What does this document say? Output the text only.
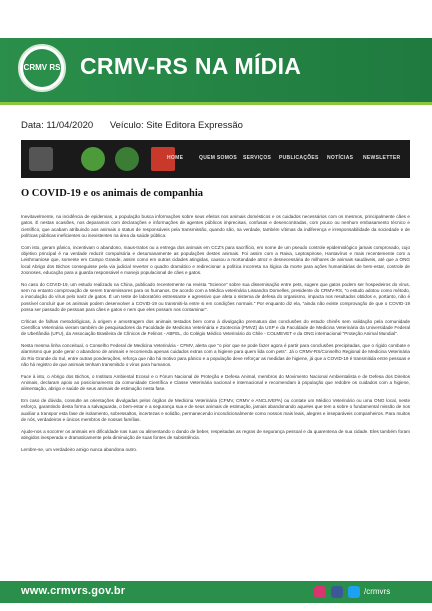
CRMV RS CRMV-RS NA MÍDIA
Data: 11/04/2020 Veículo: Site Editora Expressão
HOME	QUEM SOMOS SERVIÇOS PUBLICAÇÕES NOTÍCIAS NEWSLETTER
O COVID-19 e os animais de companhia

Inevitavelmente, na incidência de epidemias, a população busca informações sobre seus efeitos nos animais domésticos e os cuidados necessários com os mesmos, principalmente cães e gatos. É nestas ocasiões, nos deparamos com declarações e informações de agentes públicos imprecisas, confusas e desencontradas, com pouco ou nenhum embasamento técnico e científico, que acabam atribuindo aos animais o status de responsáveis pela transmissão, quando são, na verdade, também vítimas da indiferença e irresponsabilidade da sociedade e de políticas públicas ineficientes ou inexistentes na área da saúde pública.

Com isto, geram pânico, incentivam o abandono, maus-tratos ou a entrega dos animais em CCZ's para sacrifício, em nome de um pseudo controle epidemiológico jamais comprovado, cujo objetivo principal é na verdade reduzir compulsória e desumanamente as populações destes animais. Foi assim com a Raiva, Leptospirose, Hantavírus e mais recentemente com a Leishmaniose que, somente em Campo Grande, assim como em outras cidades atingidas, causou a mortandade atroz e desnecessária de milhares de animais saudáveis, até que a ONG local Abrigo dos Bichos conseguisse pela via judicial reverter o quadro dramático e redirecionar a política incorreta na lógica da morte para ações humanitárias de bem-estar, controle de zoonoses, educação para a guarda responsável e manejo populacional de cães e gatos.

No caso do COVID-19, um estudo realizado na China, publicado recentemente na revista "Science" sobre sua disseminação entre pets, sugere que gatos podem ser hospedeiros do vírus, sem no entanto comprovação de serem transmissores para os humanos. De acordo com a Médica veterinária Lissandra Dornelles, presidente do CRMV-RS, "o estudo adotou como método, a inoculação do vírus pelo nariz de gatos. É um teste de laboratório estressante e agressivo que afeta o sistema de defesa do organismo, impacta nos resultados obtidos e, portanto, não é possível concluir que os animais podem desenvolver a COVID-19 ou transmiti-la entre si em condições normais." Por enquanto diz ela, "ainda não existe comprovação de que o COVID-19 possa ser passado de pessoas para cães e gatos e nem que eles possam nos contaminar".

Críticas de falhas metodológicas, à origem e amostragem dos animais testados bem como à divulgação prematura das conclusões do estudo chinês sem validação pela comunidade Científica Veterinária vieram também de pesquisadores da Faculdade de Medicina Veterinária e Zootecnia (FMVZ) da USP e da Faculdade de Medicina Veterinária da Universidade Federal de Uberlândia (UFU), da Associação Brasileira de Clínicos de Felinos - ABFEL, do Colégio Médico Veterinário do Chile - COLMEVET e da ONG internacional "Proteção Animal Mundial".

Nesta mesma linha conceitual, o Conselho Federal de Medicina Veterinária - CFMV, alerta que "o pior que se pode fazer agora é partir para conclusões precipitadas, que o rígido combate e alarmismo que pode gerar o abandono de animais e recomenda apenas cuidados extras com a higiene para quem lida com pets". Já o CRMV-RS/Conselho Regional de Medicina Veterinária do Rio Grande do Sul, entre outras ponderações, reforça que não há motivo para pânico e a população deve reforçar as medidas de higiene, já que a COVID-19 é transmitida entre pessoas e não há registro de que animais tenham transmitido o vírus para humanos.

Face à isto, o Abrigo dos Bichos, o Instituto Ambiental Ecosul e o Fórum Nacional de Proteção e Defesa Animal, membros do Movimento Nacional Ambientalista e de Defesa dos Direitos Animais, declaram apoio ao posicionamento da comunidade Científica e Classe Veterinária nacional e internacional e recomendam à população que redobre os cuidados com a higiene, alimentação, abrigo e saúde de seus animais de estimação nesta fase.

Em caso de dúvida, consulte as orientações divulgadas pelos órgãos de Medicina Veterinária (CFMV, CRMV e ANCLIVEPA) ou contate um Médico Veterinário ou uma ONG local, neste esforço, garantindo desta forma a salvaguarda, o bem-estar e a segurança sua e de seus animais de estimação, jamais abandonando aqueles que tem a sobre o fundamental missão de nos auxiliar a transpor esta fase de isolamento, sobressaltos, incertezas e solidão, permanecendo incondicionalmente como nossos mais leais, alegres e inseparáveis companheiros. Para muitos de nós, verdadeiros e únicos membros de nossas famílias.

Ajude-nos a socorrer os animais em dificuldade nas ruas ou alimentando o dando de beber, respeitadas as regras de segurança pessoal e da quarentena de sua cidade. Eles também foram atingidos inesperada e dramaticamente pela diminuição de suas fontes de subsistência.

Lembre-se, um verdadeiro amigo nunca abandona outro.

www.crmvrs.gov.br	/crmvrs
